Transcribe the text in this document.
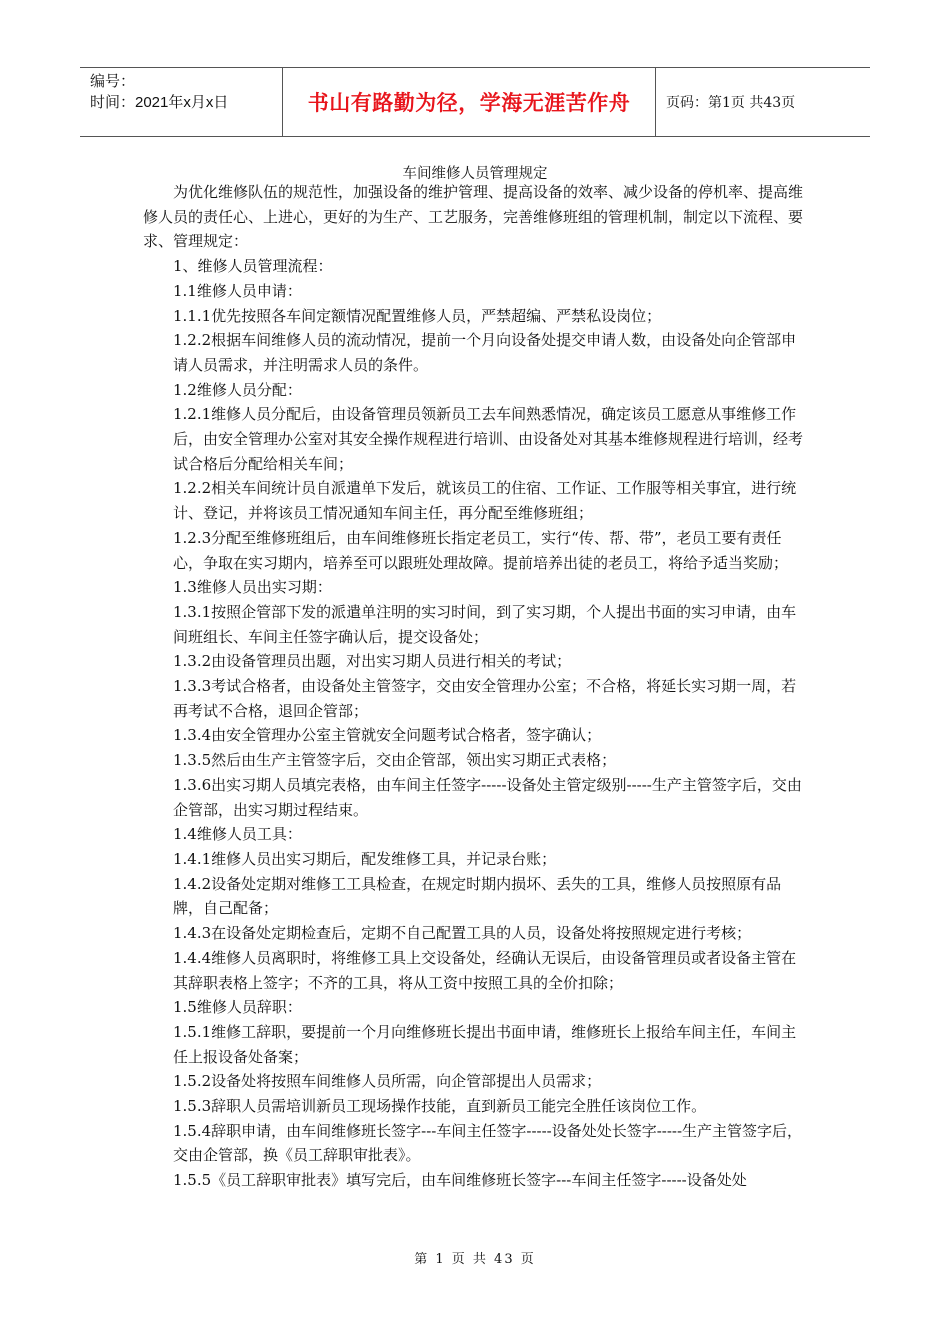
编号：
时间：2021年x月x日	书山有路勤为径，学海无涯苦作舟	页码：第1页 共43页
车间维修人员管理规定

为优化维修队伍的规范性，加强设备的维护管理、提高设备的效率、减少设备的停机率、提高维修人员的责任心、上进心，更好的为生产、工艺服务，完善维修班组的管理机制，制定以下流程、要求、管理规定：

1、维修人员管理流程：

1.1维修人员申请：

1.1.1优先按照各车间定额情况配置维修人员，严禁超编、严禁私设岗位；

1.2.2根据车间维修人员的流动情况，提前一个月向设备处提交申请人数，由设备处向企管部申请人员需求，并注明需求人员的条件。

1.2维修人员分配：

1.2.1维修人员分配后，由设备管理员领新员工去车间熟悉情况，确定该员工愿意从事维修工作后，由安全管理办公室对其安全操作规程进行培训、由设备处对其基本维修规程进行培训，经考试合格后分配给相关车间；

1.2.2相关车间统计员自派遣单下发后，就该员工的住宿、工作证、工作服等相关事宜，进行统计、登记，并将该员工情况通知车间主任，再分配至维修班组；

1.2.3分配至维修班组后，由车间维修班长指定老员工，实行“传、帮、带”，老员工要有责任心，争取在实习期内，培养至可以跟班处理故障。提前培养出徒的老员工，将给予适当奖励；

1.3维修人员出实习期：

1.3.1按照企管部下发的派遣单注明的实习时间，到了实习期，个人提出书面的实习申请，由车间班组长、车间主任签字确认后，提交设备处；

1.3.2由设备管理员出题，对出实习期人员进行相关的考试；

1.3.3考试合格者，由设备处主管签字，交由安全管理办公室；不合格，将延长实习期一周，若再考试不合格，退回企管部；

1.3.4由安全管理办公室主管就安全问题考试合格者，签字确认；

1.3.5然后由生产主管签字后，交由企管部，领出实习期正式表格；

1.3.6出实习期人员填完表格，由车间主任签字-----设备处主管定级别-----生产主管签字后，交由企管部，出实习期过程结束。

1.4维修人员工具：

1.4.1维修人员出实习期后，配发维修工具，并记录台账；

1.4.2设备处定期对维修工工具检查，在规定时期内损坏、丢失的工具，维修人员按照原有品牌，自己配备；

1.4.3在设备处定期检查后，定期不自己配置工具的人员，设备处将按照规定进行考核；

1.4.4维修人员离职时，将维修工具上交设备处，经确认无误后，由设备管理员或者设备主管在其辞职表格上签字；不齐的工具，将从工资中按照工具的全价扣除；

1.5维修人员辞职：

1.5.1维修工辞职，要提前一个月向维修班长提出书面申请，维修班长上报给车间主任，车间主任上报设备处备案；

1.5.2设备处将按照车间维修人员所需，向企管部提出人员需求；

1.5.3辞职人员需培训新员工现场操作技能，直到新员工能完全胜任该岗位工作。

1.5.4辞职申请，由车间维修班长签字---车间主任签字-----设备处处长签字-----生产主管签字后，交由企管部，换《员工辞职审批表》。

1.5.5《员工辞职审批表》填写完后，由车间维修班长签字---车间主任签字-----设备处处

第 1 页 共 43 页
